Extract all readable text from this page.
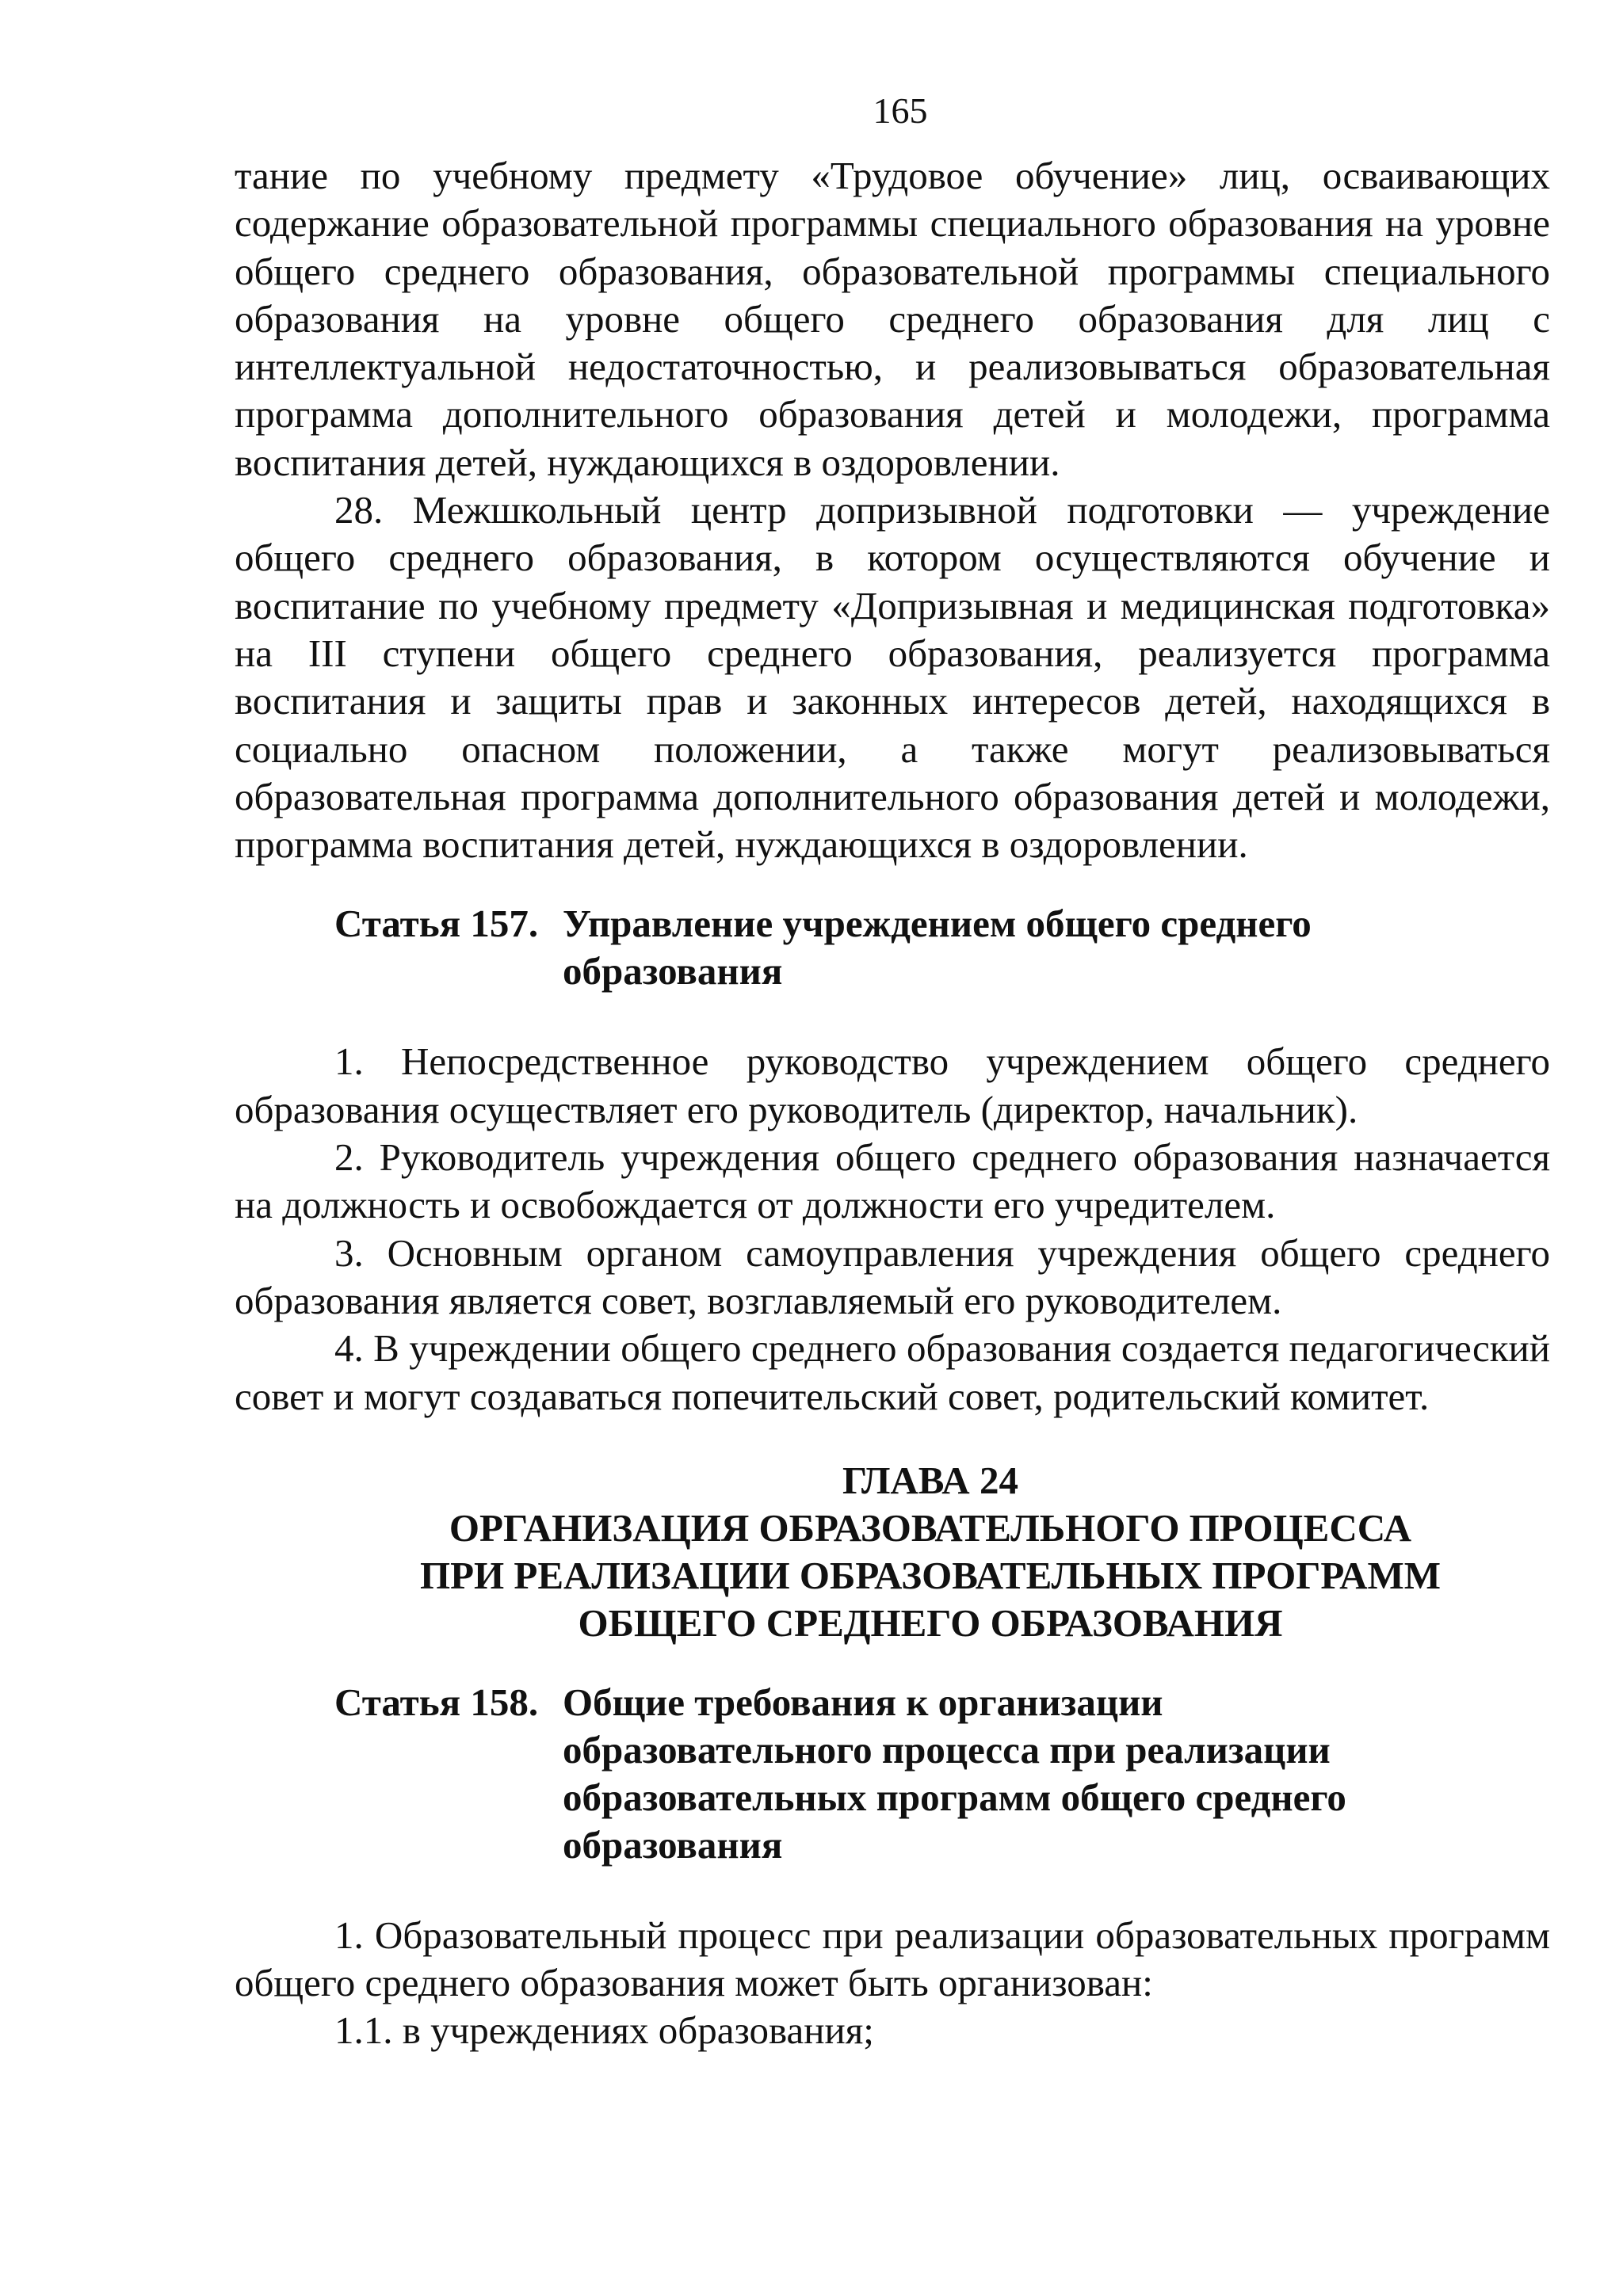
165

тание по учебному предмету «Трудовое обучение» лиц, осваивающих содержание образовательной программы специального образования на уровне общего среднего образования, образовательной программы специального образования на уровне общего среднего образования для лиц с интеллектуальной недостаточностью, и реализовываться образовательная программа дополнительного образования детей и молодежи, программа воспитания детей, нуждающихся в оздоровлении.

28. Межшкольный центр допризывной подготовки — учреждение общего среднего образования, в котором осуществляются обучение и воспитание по учебному предмету «Допризывная и медицинская подготовка» на III ступени общего среднего образования, реализуется программа воспитания и защиты прав и законных интересов детей, находящихся в социально опасном положении, а также могут реализовываться образовательная программа дополнительного образования детей и молодежи, программа воспитания детей, нуждающихся в оздоровлении.

Статья 157. Управление учреждением общего среднего образования

1. Непосредственное руководство учреждением общего среднего образования осуществляет его руководитель (директор, начальник).

2. Руководитель учреждения общего среднего образования назначается на должность и освобождается от должности его учредителем.

3. Основным органом самоуправления учреждения общего среднего образования является совет, возглавляемый его руководителем.

4. В учреждении общего среднего образования создается педагогический совет и могут создаваться попечительский совет, родительский комитет.

ГЛАВА 24
ОРГАНИЗАЦИЯ ОБРАЗОВАТЕЛЬНОГО ПРОЦЕССА
ПРИ РЕАЛИЗАЦИИ ОБРАЗОВАТЕЛЬНЫХ ПРОГРАММ
ОБЩЕГО СРЕДНЕГО ОБРАЗОВАНИЯ
Статья 158. Общие требования к организации образовательного процесса при реализации образовательных программ общего среднего образования

1. Образовательный процесс при реализации образовательных программ общего среднего образования может быть организован:

1.1. в учреждениях образования;
